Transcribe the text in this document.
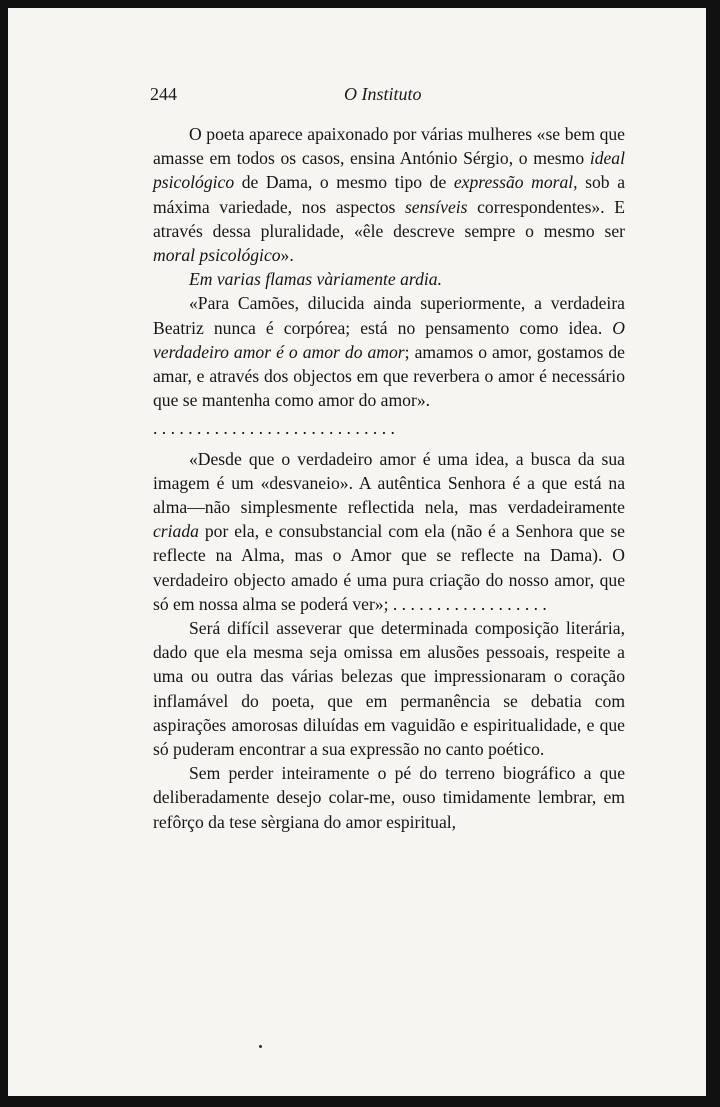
244	O Instituto

O poeta aparece apaixonado por várias mulheres «se bem que amasse em todos os casos, ensina António Sérgio, o mesmo ideal psicológico de Dama, o mesmo tipo de expressão moral, sob a máxima variedade, nos aspectos sensíveis correspondentes». E através dessa pluralidade, «êle descreve sempre o mesmo ser moral psicológico».

Em varias flamas vàriamente ardia.

«Para Camões, dilucida ainda superiormente, a verdadeira Beatriz nunca é corpórea; está no pensamento como idea. O verdadeiro amor é o amor do amor; amamos o amor, gostamos de amar, e através dos objectos em que reverbera o amor é necessário que se mantenha como amor do amor».

. . . . . . . . . . . . . . . . . . . . . . . . . . . .

«Desde que o verdadeiro amor é uma idea, a busca da sua imagem é um «desvaneio». A autêntica Senhora é a que está na alma—não simplesmente reflectida nela, mas verdadeiramente criada por ela, e consubstancial com ela (não é a Senhora que se reflecte na Alma, mas o Amor que se reflecte na Dama). O verdadeiro objecto amado é uma pura criação do nosso amor, que só em nossa alma se poderá ver»; . . . . . . . . . . . . . . . . . .

Será difícil asseverar que determinada composição literária, dado que ela mesma seja omissa em alusões pessoais, respeite a uma ou outra das várias belezas que impressionaram o coração inflamável do poeta, que em permanência se debatia com aspirações amorosas diluídas em vaguidão e espiritualidade, e que só puderam encontrar a sua expressão no canto poético.

Sem perder inteiramente o pé do terreno biográfico a que deliberadamente desejo colar-me, ouso timidamente lembrar, em refôrço da tese sèrgiana do amor espiritual,
